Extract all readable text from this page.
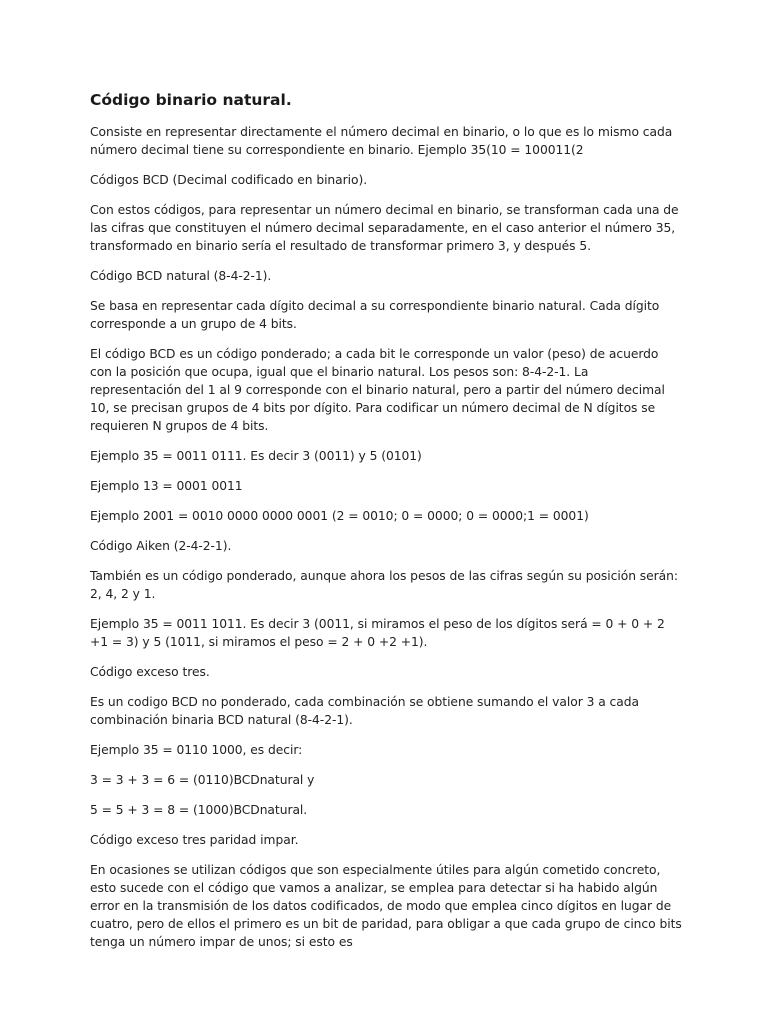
Código binario natural.

Consiste en representar directamente el número decimal en binario, o lo que es lo mismo cada número decimal tiene su correspondiente en binario. Ejemplo 35(10 = 100011(2

Códigos BCD (Decimal codificado en binario).

Con estos códigos, para representar un número decimal en binario, se transforman cada una de las cifras que constituyen el número decimal separadamente, en el caso anterior el número 35, transformado en binario sería el resultado de transformar primero 3, y después 5.

Código BCD natural (8-4-2-1).

Se basa en representar cada dígito decimal a su correspondiente binario natural. Cada dígito corresponde a un grupo de 4 bits.

El código BCD es un código ponderado; a cada bit le corresponde un valor (peso) de acuerdo con la posición que ocupa, igual que el binario natural. Los pesos son: 8-4-2-1. La representación del 1 al 9 corresponde con el binario natural, pero a partir del número decimal 10, se precisan grupos de 4 bits por dígito. Para codificar un número decimal de N dígitos se requieren N grupos de 4 bits.

Ejemplo 35 = 0011 0111. Es decir 3 (0011) y 5 (0101)

Ejemplo 13 = 0001 0011

Ejemplo 2001 = 0010 0000 0000 0001 (2 = 0010; 0 = 0000; 0 = 0000;1 = 0001)

Código Aiken (2-4-2-1).

También es un código ponderado, aunque ahora los pesos de las cifras según su posición serán: 2, 4, 2 y 1.

Ejemplo 35 = 0011 1011. Es decir 3 (0011, si miramos el peso de los dígitos será = 0 + 0 + 2 +1 = 3) y 5 (1011, si miramos el peso = 2 + 0 +2 +1).

Código exceso tres.

Es un codigo BCD no ponderado, cada combinación se obtiene sumando el valor 3 a cada combinación binaria BCD natural (8-4-2-1).

Ejemplo 35 = 0110 1000, es decir:

3 = 3 + 3 = 6 = (0110)BCDnatural y

5 = 5 + 3 = 8 = (1000)BCDnatural.

Código exceso tres paridad impar.

En ocasiones se utilizan códigos que son especialmente útiles para algún cometido concreto, esto sucede con el código que vamos a analizar, se emplea para detectar si ha habido algún error en la transmisión de los datos codificados, de modo que emplea cinco dígitos en lugar de cuatro, pero de ellos el primero es un bit de paridad, para obligar a que cada grupo de cinco bits tenga un número impar de unos; si esto es
